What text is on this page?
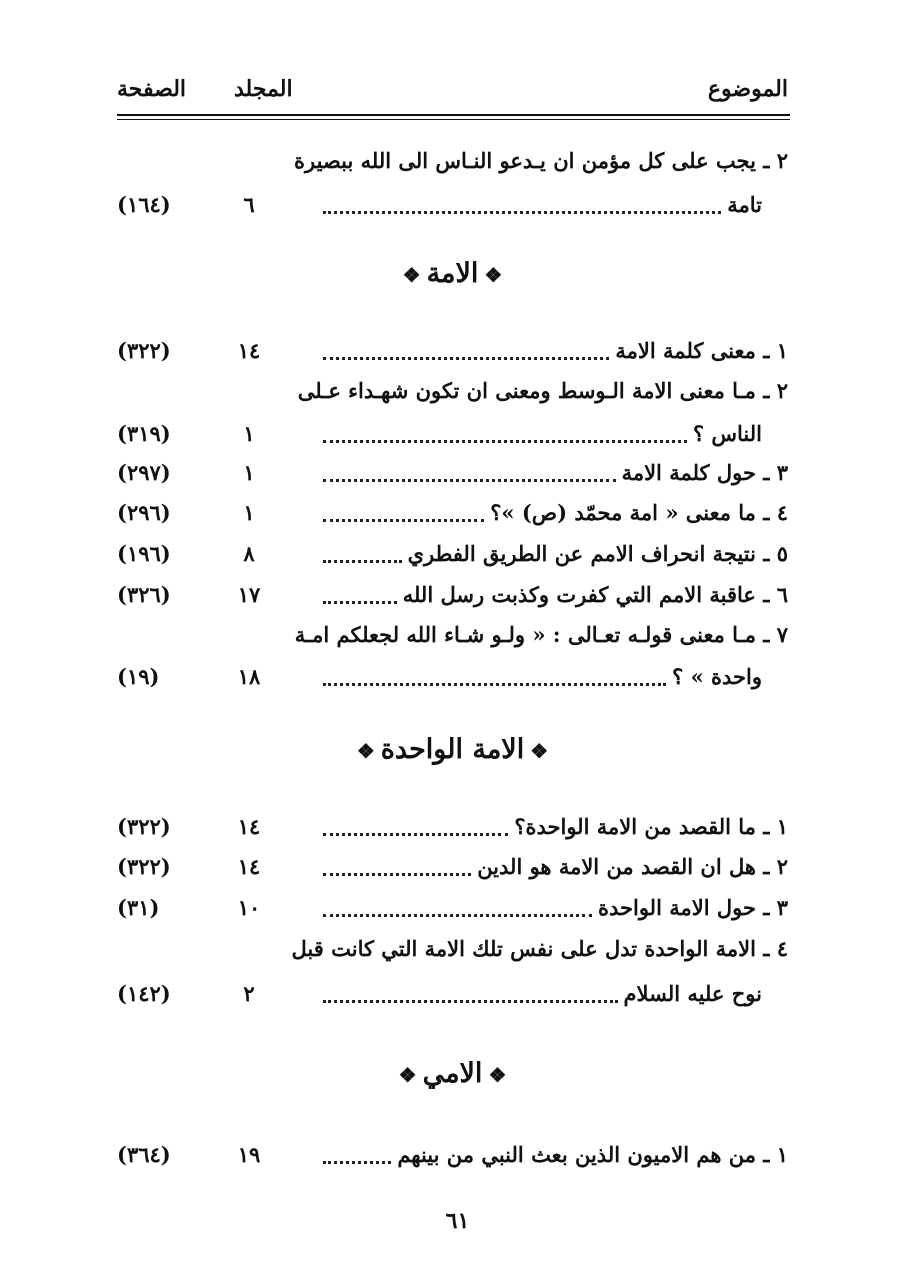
الموضوع
المجلد
الصفحة
٢ ـ يجب على كل مؤمن ان يـدعو النـاس الى الله ببصيرة
تامة
٦
(١٦٤)
❖الامة❖
١ ـ معنى كلمة الامة
١٤
(٣٢٢)
٢ ـ مـا معنى الامة الـوسط ومعنى ان تكون شهـداء عـلى
الناس ؟
١
(٣١٩)
٣ ـ حول كلمة الامة
١
(٢٩٧)
٤ ـ ما معنى « امة محمّد (ص) »؟
١
(٢٩٦)
٥ ـ نتيجة انحراف الامم عن الطريق الفطري
٨
(١٩٦)
٦ ـ عاقبة الامم التي كفرت وكذبت رسل الله
١٧
(٣٢٦)
٧ ـ مـا معنى قولـه تعـالى : « ولـو شـاء الله لجعلكم امـة
واحدة » ؟
١٨
(١٩)
❖الامة الواحدة❖
١ ـ ما القصد من الامة الواحدة؟
١٤
(٣٢٢)
٢ ـ هل ان القصد من الامة هو الدين
١٤
(٣٢٢)
٣ ـ حول الامة الواحدة
١٠
(٣١)
٤ ـ الامة الواحدة تدل على نفس تلك الامة التي كانت قبل
نوح عليه السلام
٢
(١٤٢)
❖الامي❖
١ ـ من هم الاميون الذين بعث النبي من بينهم
١٩
(٣٦٤)
٦١
